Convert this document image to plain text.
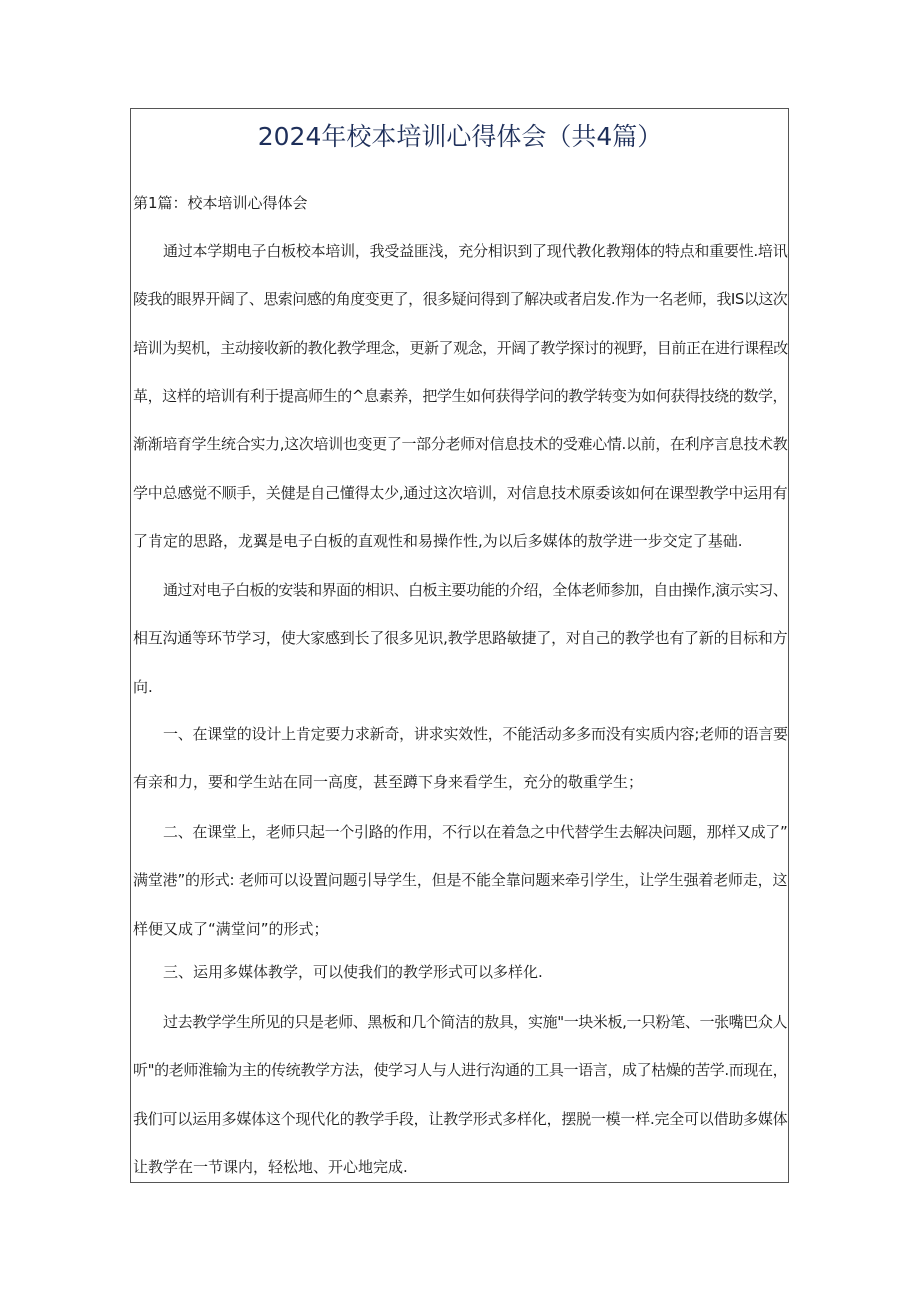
2024年校本培训心得体会（共4篇）
第1篇：校本培训心得体会
通过本学期电子白板校本培训，我受益匪浅，充分相识到了现代教化教翔体的特点和重要性.培讯
陵我的眼界开阔了、思索问感的角度变更了，很多疑问得到了解决或者启发.作为一名老师，我IS以这次
培训为契机，主动接收新的教化教学理念，更新了观念，开阔了教学探讨的视野，目前正在进行课程改
革，这样的培训有利于提高师生的^息素养，把学生如何获得学问的教学转变为如何获得技绕的数学，
渐渐培育学生统合实力,这次培训也变更了一部分老师对信息技术的受难心情.以前，在利序言息技术教
学中总感觉不顺手，关健是自己懂得太少,通过这次培训，对信息技术原委该如何在课型教学中运用有
了肯定的思路，龙翼是电子白板的直观性和易操作性,为以后多媒体的敖学进一步交定了基础.
通过对电子白板的安装和界面的相识、白板主要功能的介绍，全体老师参加，自由操作,演示实习、
相互沟通等环节学习，使大家感到长了很多见识,教学思路敏捷了，对自己的教学也有了新的目标和方
向.
一、在课堂的设计上肯定要力求新奇，讲求实效性，不能活动多多而没有实质内容;老师的语言要
有亲和力，要和学生站在同一高度，甚至蹲下身来看学生，充分的敬重学生；
二、在课堂上，老师只起一个引路的作用，不行以在着急之中代替学生去解决问题，那样又成了”
满堂港”的形式: 老师可以设置问题引导学生，但是不能全靠问题来牵引学生，让学生强着老师走，这
样便又成了“满堂问”的形式；
三、运用多媒体教学，可以使我们的教学形式可以多样化.
过去教学学生所见的只是老师、黑板和几个简洁的敖具，实施"一块米板,一只粉笔、一张嘴巴众人
听"的老师淮输为主的传统教学方法，使学习人与人进行沟通的工具一语言，成了枯燥的苦学.而现在，
我们可以运用多媒体这个现代化的教学手段，让教学形式多样化，摆脱一模一样.完全可以借助多媒体
让教学在一节课内，轻松地、开心地完成.
